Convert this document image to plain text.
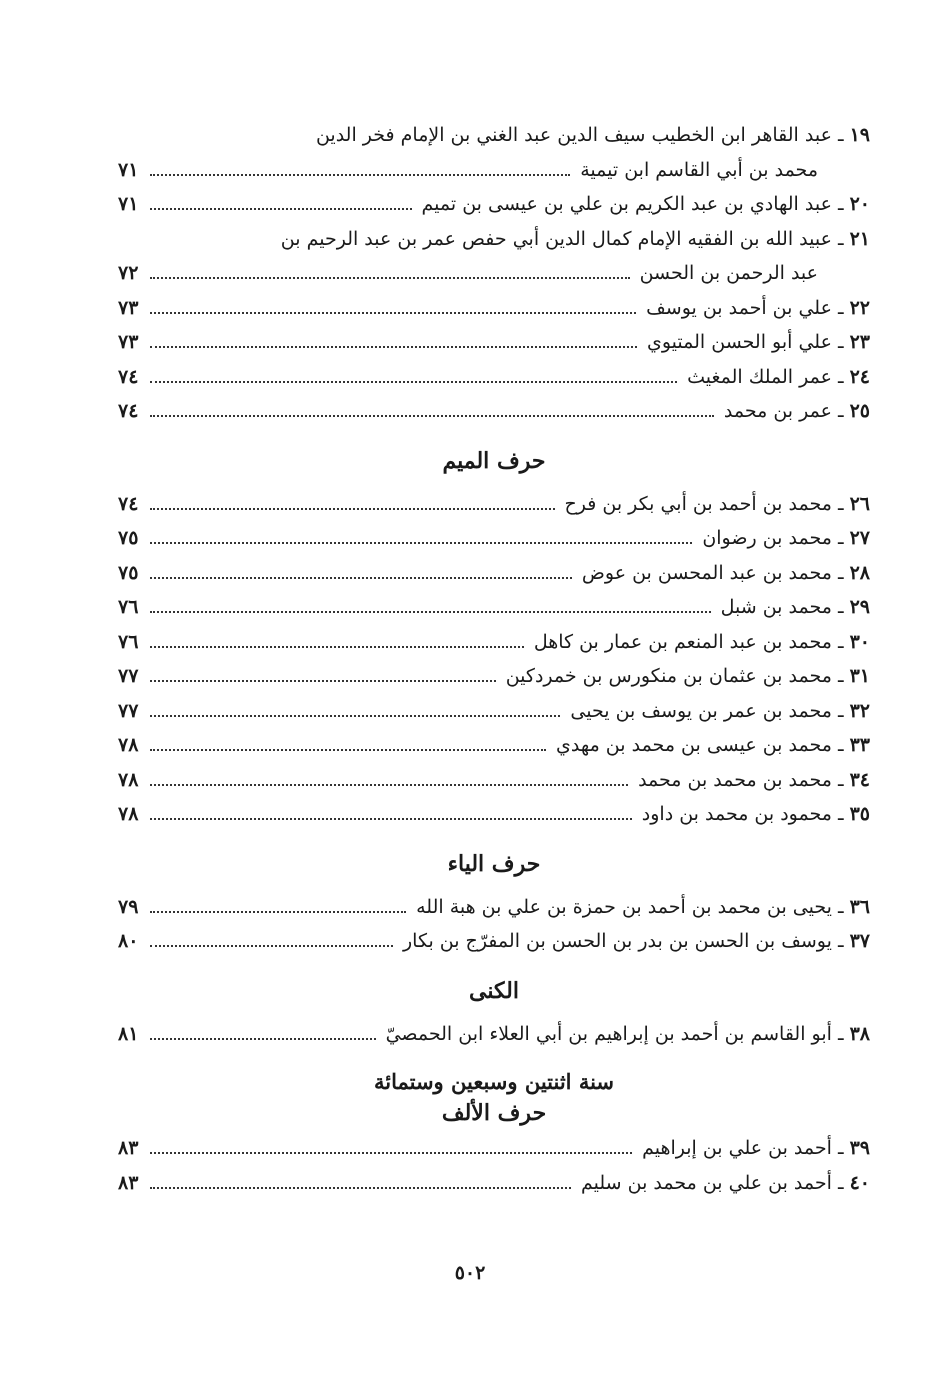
١٩ ـ عبد القاهر ابن الخطيب سيف الدين عبد الغني بن الإمام فخر الدين
محمد بن أبي القاسم ابن تيمية
٧١
٢٠ ـ عبد الهادي بن عبد الكريم بن علي بن عيسى بن تميم
٧١
٢١ ـ عبيد الله بن الفقيه الإمام كمال الدين أبي حفص عمر بن عبد الرحيم بن
عبد الرحمن بن الحسن
٧٢
٢٢ ـ علي بن أحمد بن يوسف
٧٣
٢٣ ـ علي أبو الحسن المتيوي
٧٣
٢٤ ـ عمر الملك المغيث
٧٤
٢٥ ـ عمر بن محمد
٧٤
حرف الميم
٢٦ ـ محمد بن أحمد بن أبي بكر بن فرح
٧٤
٢٧ ـ محمد بن رضوان
٧٥
٢٨ ـ محمد بن عبد المحسن بن عوض
٧٥
٢٩ ـ محمد بن شبل
٧٦
٣٠ ـ محمد بن عبد المنعم بن عمار بن كاهل
٧٦
٣١ ـ محمد بن عثمان بن منكورس بن خمردكين
٧٧
٣٢ ـ محمد بن عمر بن يوسف بن يحيى
٧٧
٣٣ ـ محمد بن عيسى بن محمد بن مهدي
٧٨
٣٤ ـ محمد بن محمد بن محمد
٧٨
٣٥ ـ محمود بن محمد بن داود
٧٨
حرف الياء
٣٦ ـ يحيى بن محمد بن أحمد بن حمزة بن علي بن هبة الله
٧٩
٣٧ ـ يوسف بن الحسن بن بدر بن الحسن بن المفرّج بن بكار
٨٠
الكنى
٣٨ ـ أبو القاسم بن أحمد بن إبراهيم بن أبي العلاء ابن الحمصيّ
٨١
سنة اثنتين وسبعين وستمائة
حرف الألف
٣٩ ـ أحمد بن علي بن إبراهيم
٨٣
٤٠ ـ أحمد بن علي بن محمد بن سليم
٨٣
٥٠٢
